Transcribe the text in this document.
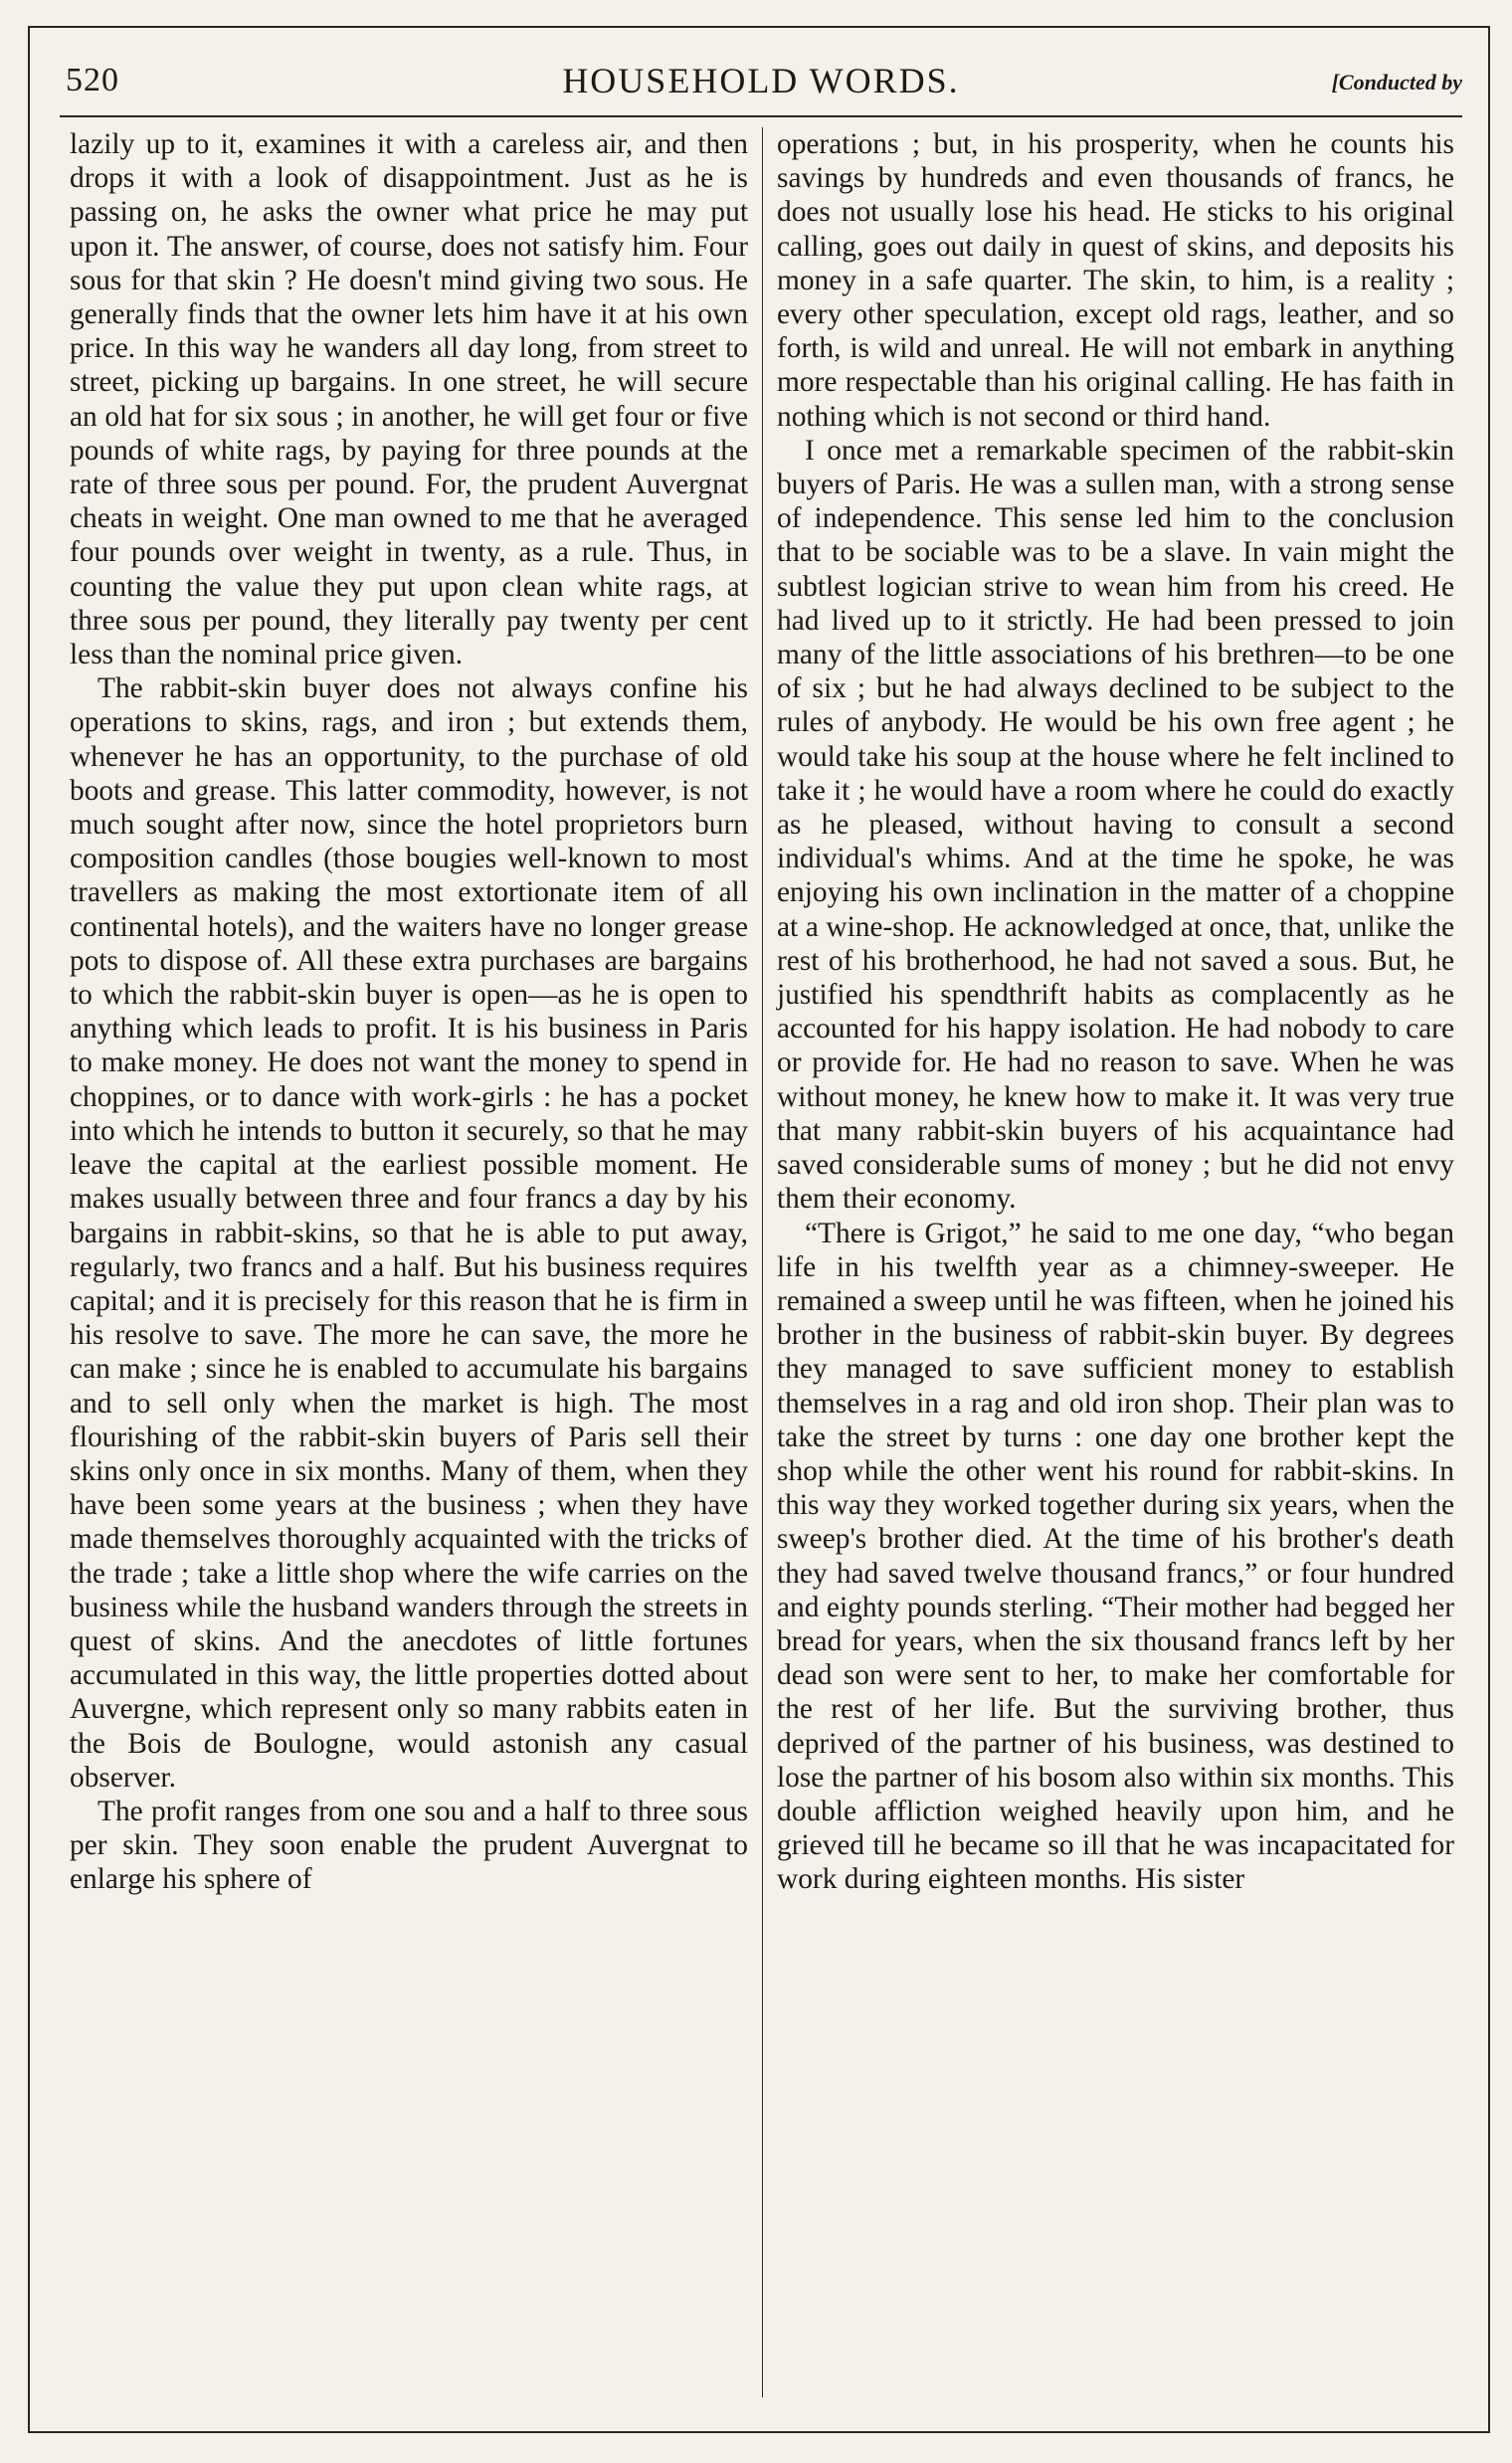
520	HOUSEHOLD WORDS.	[Conducted by

lazily up to it, examines it with a careless air, and then drops it with a look of disappointment. Just as he is passing on, he asks the owner what price he may put upon it. The answer, of course, does not satisfy him. Four sous for that skin ? He doesn't mind giving two sous. He generally finds that the owner lets him have it at his own price. In this way he wanders all day long, from street to street, picking up bargains. In one street, he will secure an old hat for six sous ; in another, he will get four or five pounds of white rags, by paying for three pounds at the rate of three sous per pound. For, the prudent Auvergnat cheats in weight. One man owned to me that he averaged four pounds over weight in twenty, as a rule. Thus, in counting the value they put upon clean white rags, at three sous per pound, they literally pay twenty per cent less than the nominal price given.

The rabbit-skin buyer does not always confine his operations to skins, rags, and iron ; but extends them, whenever he has an opportunity, to the purchase of old boots and grease. This latter commodity, however, is not much sought after now, since the hotel proprietors burn composition candles (those bougies well-known to most travellers as making the most extortionate item of all continental hotels), and the waiters have no longer grease pots to dispose of. All these extra purchases are bargains to which the rabbit-skin buyer is open—as he is open to anything which leads to profit. It is his business in Paris to make money. He does not want the money to spend in choppines, or to dance with work-girls : he has a pocket into which he intends to button it securely, so that he may leave the capital at the earliest possible moment. He makes usually between three and four francs a day by his bargains in rabbit-skins, so that he is able to put away, regularly, two francs and a half. But his business requires capital; and it is precisely for this reason that he is firm in his resolve to save. The more he can save, the more he can make ; since he is enabled to accumulate his bargains and to sell only when the market is high. The most flourishing of the rabbit-skin buyers of Paris sell their skins only once in six months. Many of them, when they have been some years at the business ; when they have made themselves thoroughly acquainted with the tricks of the trade ; take a little shop where the wife carries on the business while the husband wanders through the streets in quest of skins. And the anecdotes of little fortunes accumulated in this way, the little properties dotted about Auvergne, which represent only so many rabbits eaten in the Bois de Boulogne, would astonish any casual observer.

The profit ranges from one sou and a half to three sous per skin. They soon enable the prudent Auvergnat to enlarge his sphere of

operations ; but, in his prosperity, when he counts his savings by hundreds and even thousands of francs, he does not usually lose his head. He sticks to his original calling, goes out daily in quest of skins, and deposits his money in a safe quarter. The skin, to him, is a reality ; every other speculation, except old rags, leather, and so forth, is wild and unreal. He will not embark in anything more respectable than his original calling. He has faith in nothing which is not second or third hand.

I once met a remarkable specimen of the rabbit-skin buyers of Paris. He was a sullen man, with a strong sense of independence. This sense led him to the conclusion that to be sociable was to be a slave. In vain might the subtlest logician strive to wean him from his creed. He had lived up to it strictly. He had been pressed to join many of the little associations of his brethren—to be one of six ; but he had always declined to be subject to the rules of anybody. He would be his own free agent ; he would take his soup at the house where he felt inclined to take it ; he would have a room where he could do exactly as he pleased, without having to consult a second individual's whims. And at the time he spoke, he was enjoying his own inclination in the matter of a choppine at a wine-shop. He acknowledged at once, that, unlike the rest of his brotherhood, he had not saved a sous. But, he justified his spendthrift habits as complacently as he accounted for his happy isolation. He had nobody to care or provide for. He had no reason to save. When he was without money, he knew how to make it. It was very true that many rabbit-skin buyers of his acquaintance had saved considerable sums of money ; but he did not envy them their economy.

“There is Grigot,” he said to me one day, “who began life in his twelfth year as a chimney-sweeper. He remained a sweep until he was fifteen, when he joined his brother in the business of rabbit-skin buyer. By degrees they managed to save sufficient money to establish themselves in a rag and old iron shop. Their plan was to take the street by turns : one day one brother kept the shop while the other went his round for rabbit-skins. In this way they worked together during six years, when the sweep's brother died. At the time of his brother's death they had saved twelve thousand francs,” or four hundred and eighty pounds sterling. “Their mother had begged her bread for years, when the six thousand francs left by her dead son were sent to her, to make her comfortable for the rest of her life. But the surviving brother, thus deprived of the partner of his business, was destined to lose the partner of his bosom also within six months. This double affliction weighed heavily upon him, and he grieved till he became so ill that he was incapacitated for work during eighteen months. His sister
